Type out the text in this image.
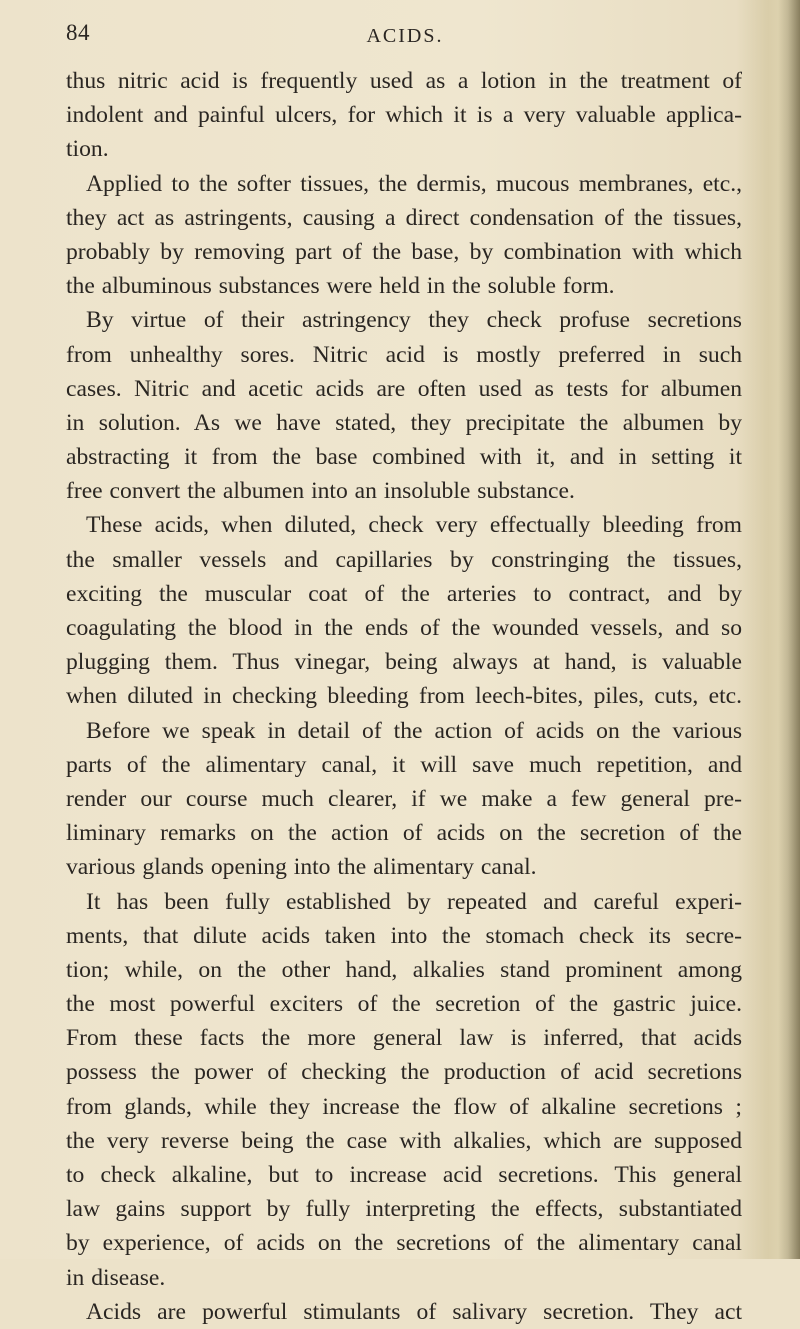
84	ACIDS.
thus nitric acid is frequently used as a lotion in the treatment of
indolent and painful ulcers, for which it is a very valuable applica-
tion.
Applied to the softer tissues, the dermis, mucous membranes, etc.,
they act as astringents, causing a direct condensation of the tissues,
probably by removing part of the base, by combination with which
the albuminous substances were held in the soluble form.
By virtue of their astringency they check profuse secretions
from unhealthy sores. Nitric acid is mostly preferred in such
cases. Nitric and acetic acids are often used as tests for albumen
in solution. As we have stated, they precipitate the albumen by
abstracting it from the base combined with it, and in setting it
free convert the albumen into an insoluble substance.
These acids, when diluted, check very effectually bleeding from
the smaller vessels and capillaries by constringing the tissues,
exciting the muscular coat of the arteries to contract, and by
coagulating the blood in the ends of the wounded vessels, and so
plugging them. Thus vinegar, being always at hand, is valuable
when diluted in checking bleeding from leech-bites, piles, cuts, etc.
Before we speak in detail of the action of acids on the various
parts of the alimentary canal, it will save much repetition, and
render our course much clearer, if we make a few general pre-
liminary remarks on the action of acids on the secretion of the
various glands opening into the alimentary canal.
It has been fully established by repeated and careful experi-
ments, that dilute acids taken into the stomach check its secre-
tion; while, on the other hand, alkalies stand prominent among
the most powerful exciters of the secretion of the gastric juice.
From these facts the more general law is inferred, that acids
possess the power of checking the production of acid secretions
from glands, while they increase the flow of alkaline secretions ;
the very reverse being the case with alkalies, which are supposed
to check alkaline, but to increase acid secretions. This general
law gains support by fully interpreting the effects, substantiated
by experience, of acids on the secretions of the alimentary canal
in disease.
Acids are powerful stimulants of salivary secretion. They act
